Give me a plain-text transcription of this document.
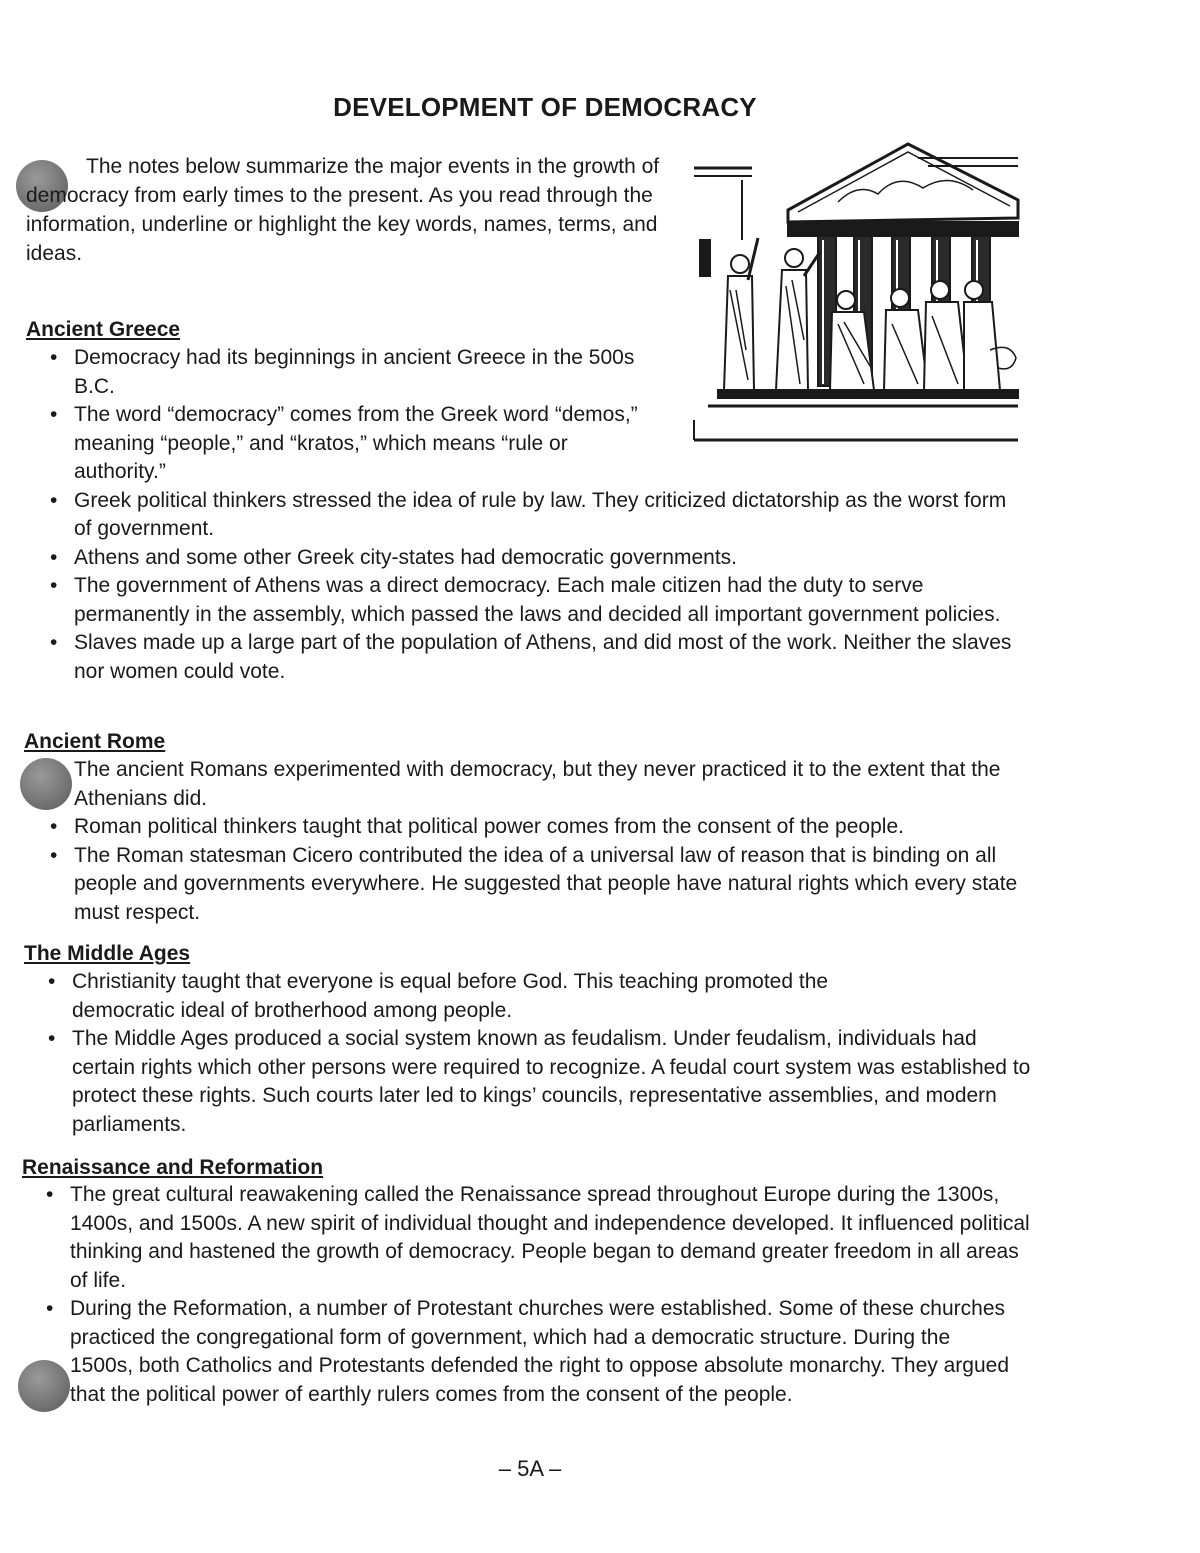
DEVELOPMENT OF DEMOCRACY
The notes below summarize the major events in the growth of democracy from early times to the present. As you read through the information, underline or highlight the key words, names, terms, and ideas.
Ancient Greece
• Democracy had its beginnings in ancient Greece in the 500s B.C.
• The word “democracy” comes from the Greek word “demos,” meaning “people,” and “kratos,” which means “rule or authority.”
• Greek political thinkers stressed the idea of rule by law. They criticized dictatorship as the worst form of government.
• Athens and some other Greek city-states had democratic governments.
• The government of Athens was a direct democracy. Each male citizen had the duty to serve permanently in the assembly, which passed the laws and decided all important government policies.
• Slaves made up a large part of the population of Athens, and did most of the work. Neither the slaves nor women could vote.
Ancient Rome
The ancient Romans experimented with democracy, but they never practiced it to the extent that the Athenians did.
• Roman political thinkers taught that political power comes from the consent of the people.
• The Roman statesman Cicero contributed the idea of a universal law of reason that is binding on all people and governments everywhere. He suggested that people have natural rights which every state must respect.
The Middle Ages
• Christianity taught that everyone is equal before God. This teaching promoted the democratic ideal of brotherhood among people.
• The Middle Ages produced a social system known as feudalism. Under feudalism, individuals had certain rights which other persons were required to recognize. A feudal court system was established to protect these rights. Such courts later led to kings’ councils, representative assemblies, and modern parliaments.
Renaissance and Reformation
• The great cultural reawakening called the Renaissance spread throughout Europe during the 1300s, 1400s, and 1500s. A new spirit of individual thought and independence developed. It influenced political thinking and hastened the growth of democracy. People began to demand greater freedom in all areas of life.
• During the Reformation, a number of Protestant churches were established. Some of these churches practiced the congregational form of government, which had a democratic structure. During the 1500s, both Catholics and Protestants defended the right to oppose absolute monarchy. They argued that the political power of earthly rulers comes from the consent of the people.
– 5A –
